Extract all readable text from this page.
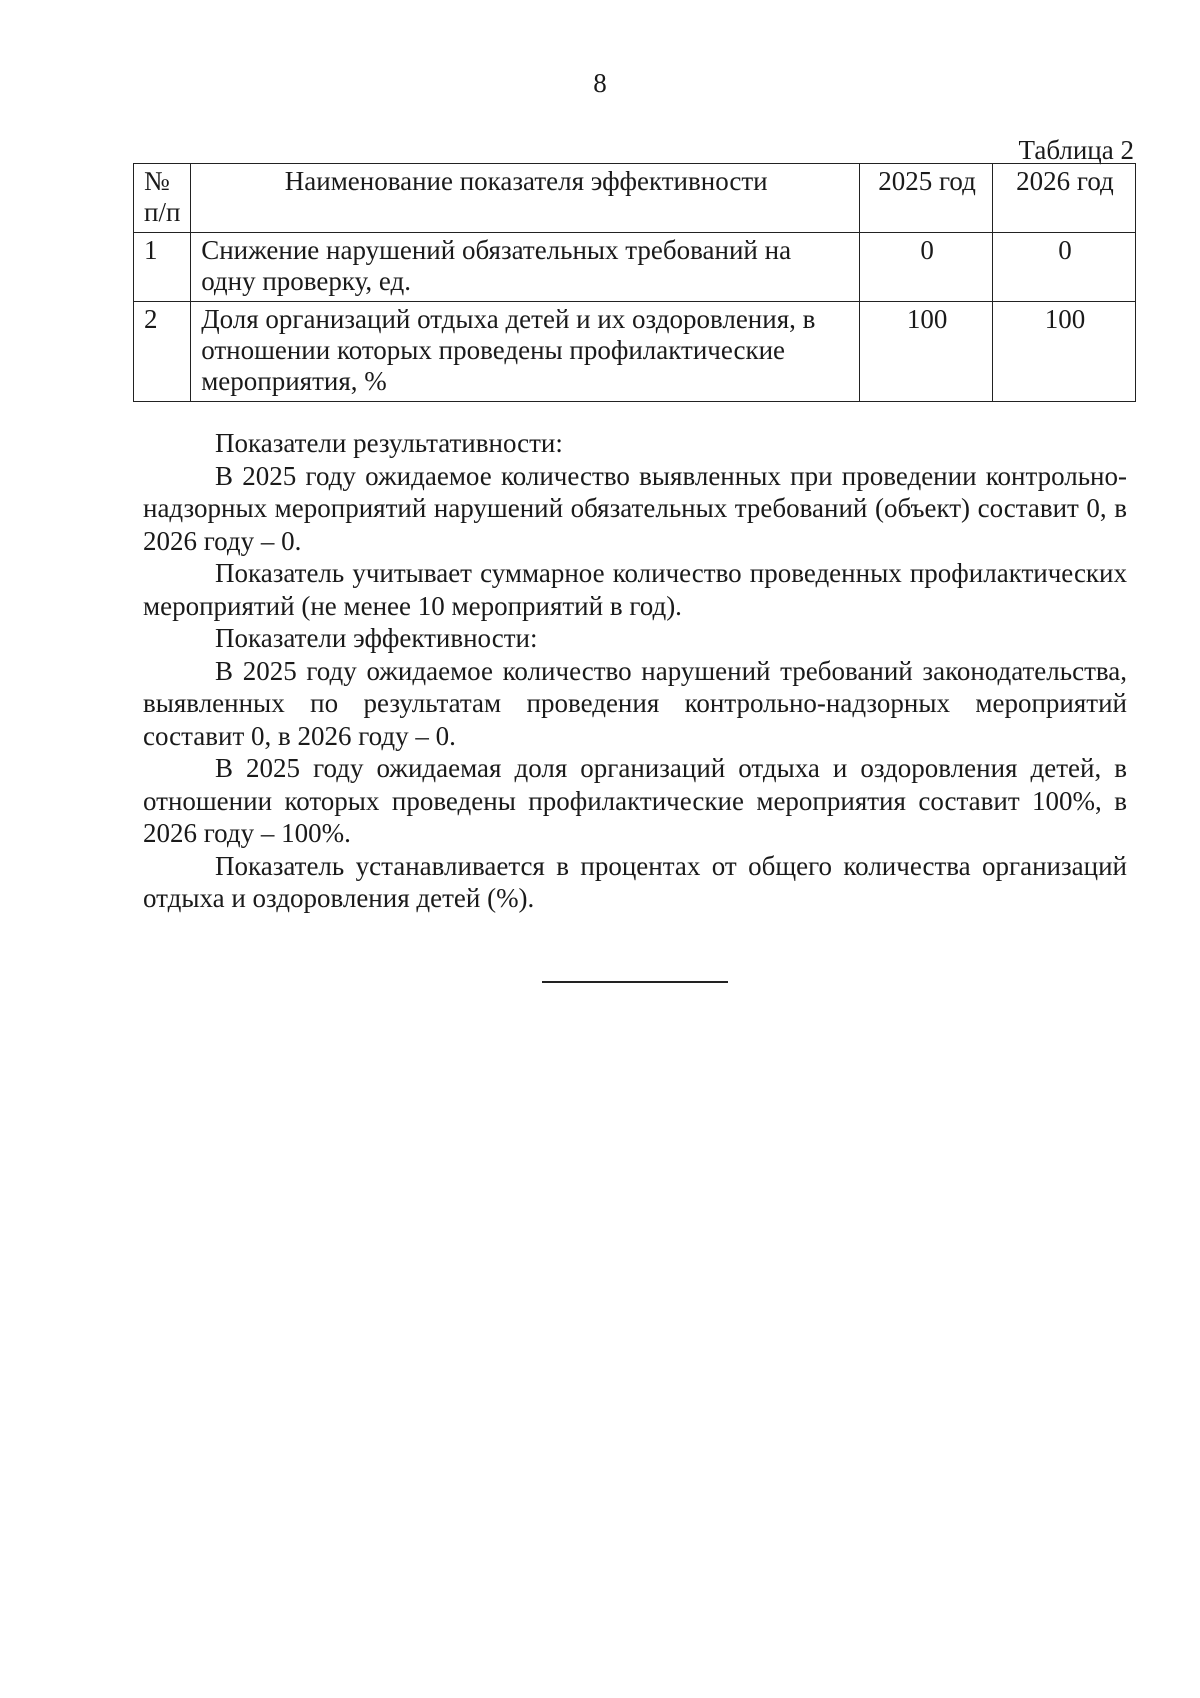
8
Таблица 2
№ п/п	Наименование показателя эффективности	2025 год	2026 год
1	Снижение нарушений обязательных требований на одну проверку, ед.	0	0
2	Доля организаций отдыха детей и их оздоровления, в отношении которых проведены профилактические мероприятия, %	100	100

Показатели результативности:

В 2025 году ожидаемое количество выявленных при проведении контрольно-надзорных мероприятий нарушений обязательных требований (объект) составит 0, в 2026 году – 0.

Показатель учитывает суммарное количество проведенных профилактических мероприятий (не менее 10 мероприятий в год).

Показатели эффективности:

В 2025 году ожидаемое количество нарушений требований законодательства, выявленных по результатам проведения контрольно-надзорных мероприятий составит 0, в 2026 году – 0.

В 2025 году ожидаемая доля организаций отдыха и оздоровления детей, в отношении которых проведены профилактические мероприятия составит 100%, в 2026 году – 100%.

Показатель устанавливается в процентах от общего количества организаций отдыха и оздоровления детей (%).
